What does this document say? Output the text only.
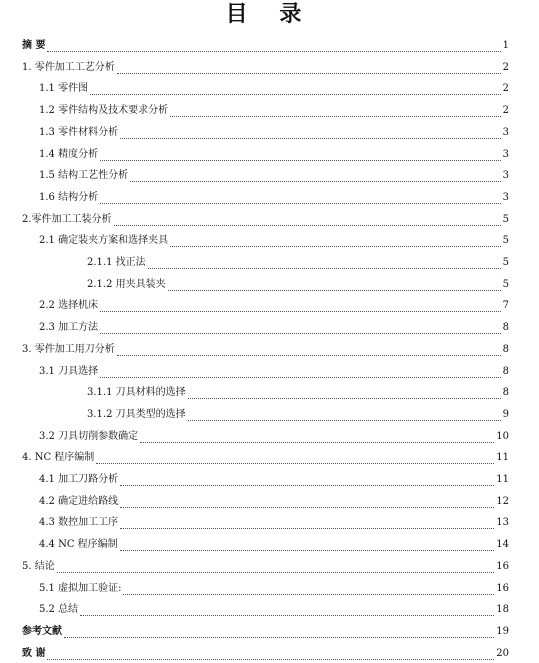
目 录
摘 要	1
1. 零件加工工艺分析	2
1.1 零件图	2
1.2 零件结构及技术要求分析	2
1.3 零件材料分析	3
1.4 精度分析	3
1.5 结构工艺性分析	3
1.6 结构分析	3
2.零件加工工装分析	5
2.1 确定装夹方案和选择夹具	5
2.1.1 找正法	5
2.1.2 用夹具装夹	5
2.2 选择机床	7
2.3 加工方法	8
3. 零件加工用刀分析	8
3.1 刀具选择	8
3.1.1 刀具材料的选择	8
3.1.2 刀具类型的选择	9
3.2 刀具切削参数确定	10
4. NC 程序编制	11
4.1 加工刀路分析	11
4.2 确定进给路线	12
4.3 数控加工工序	13
4.4 NC 程序编制	14
5. 结论	16
5.1 虚拟加工验证:	16
5.2 总结	18
参考文献	19
致 谢	20
